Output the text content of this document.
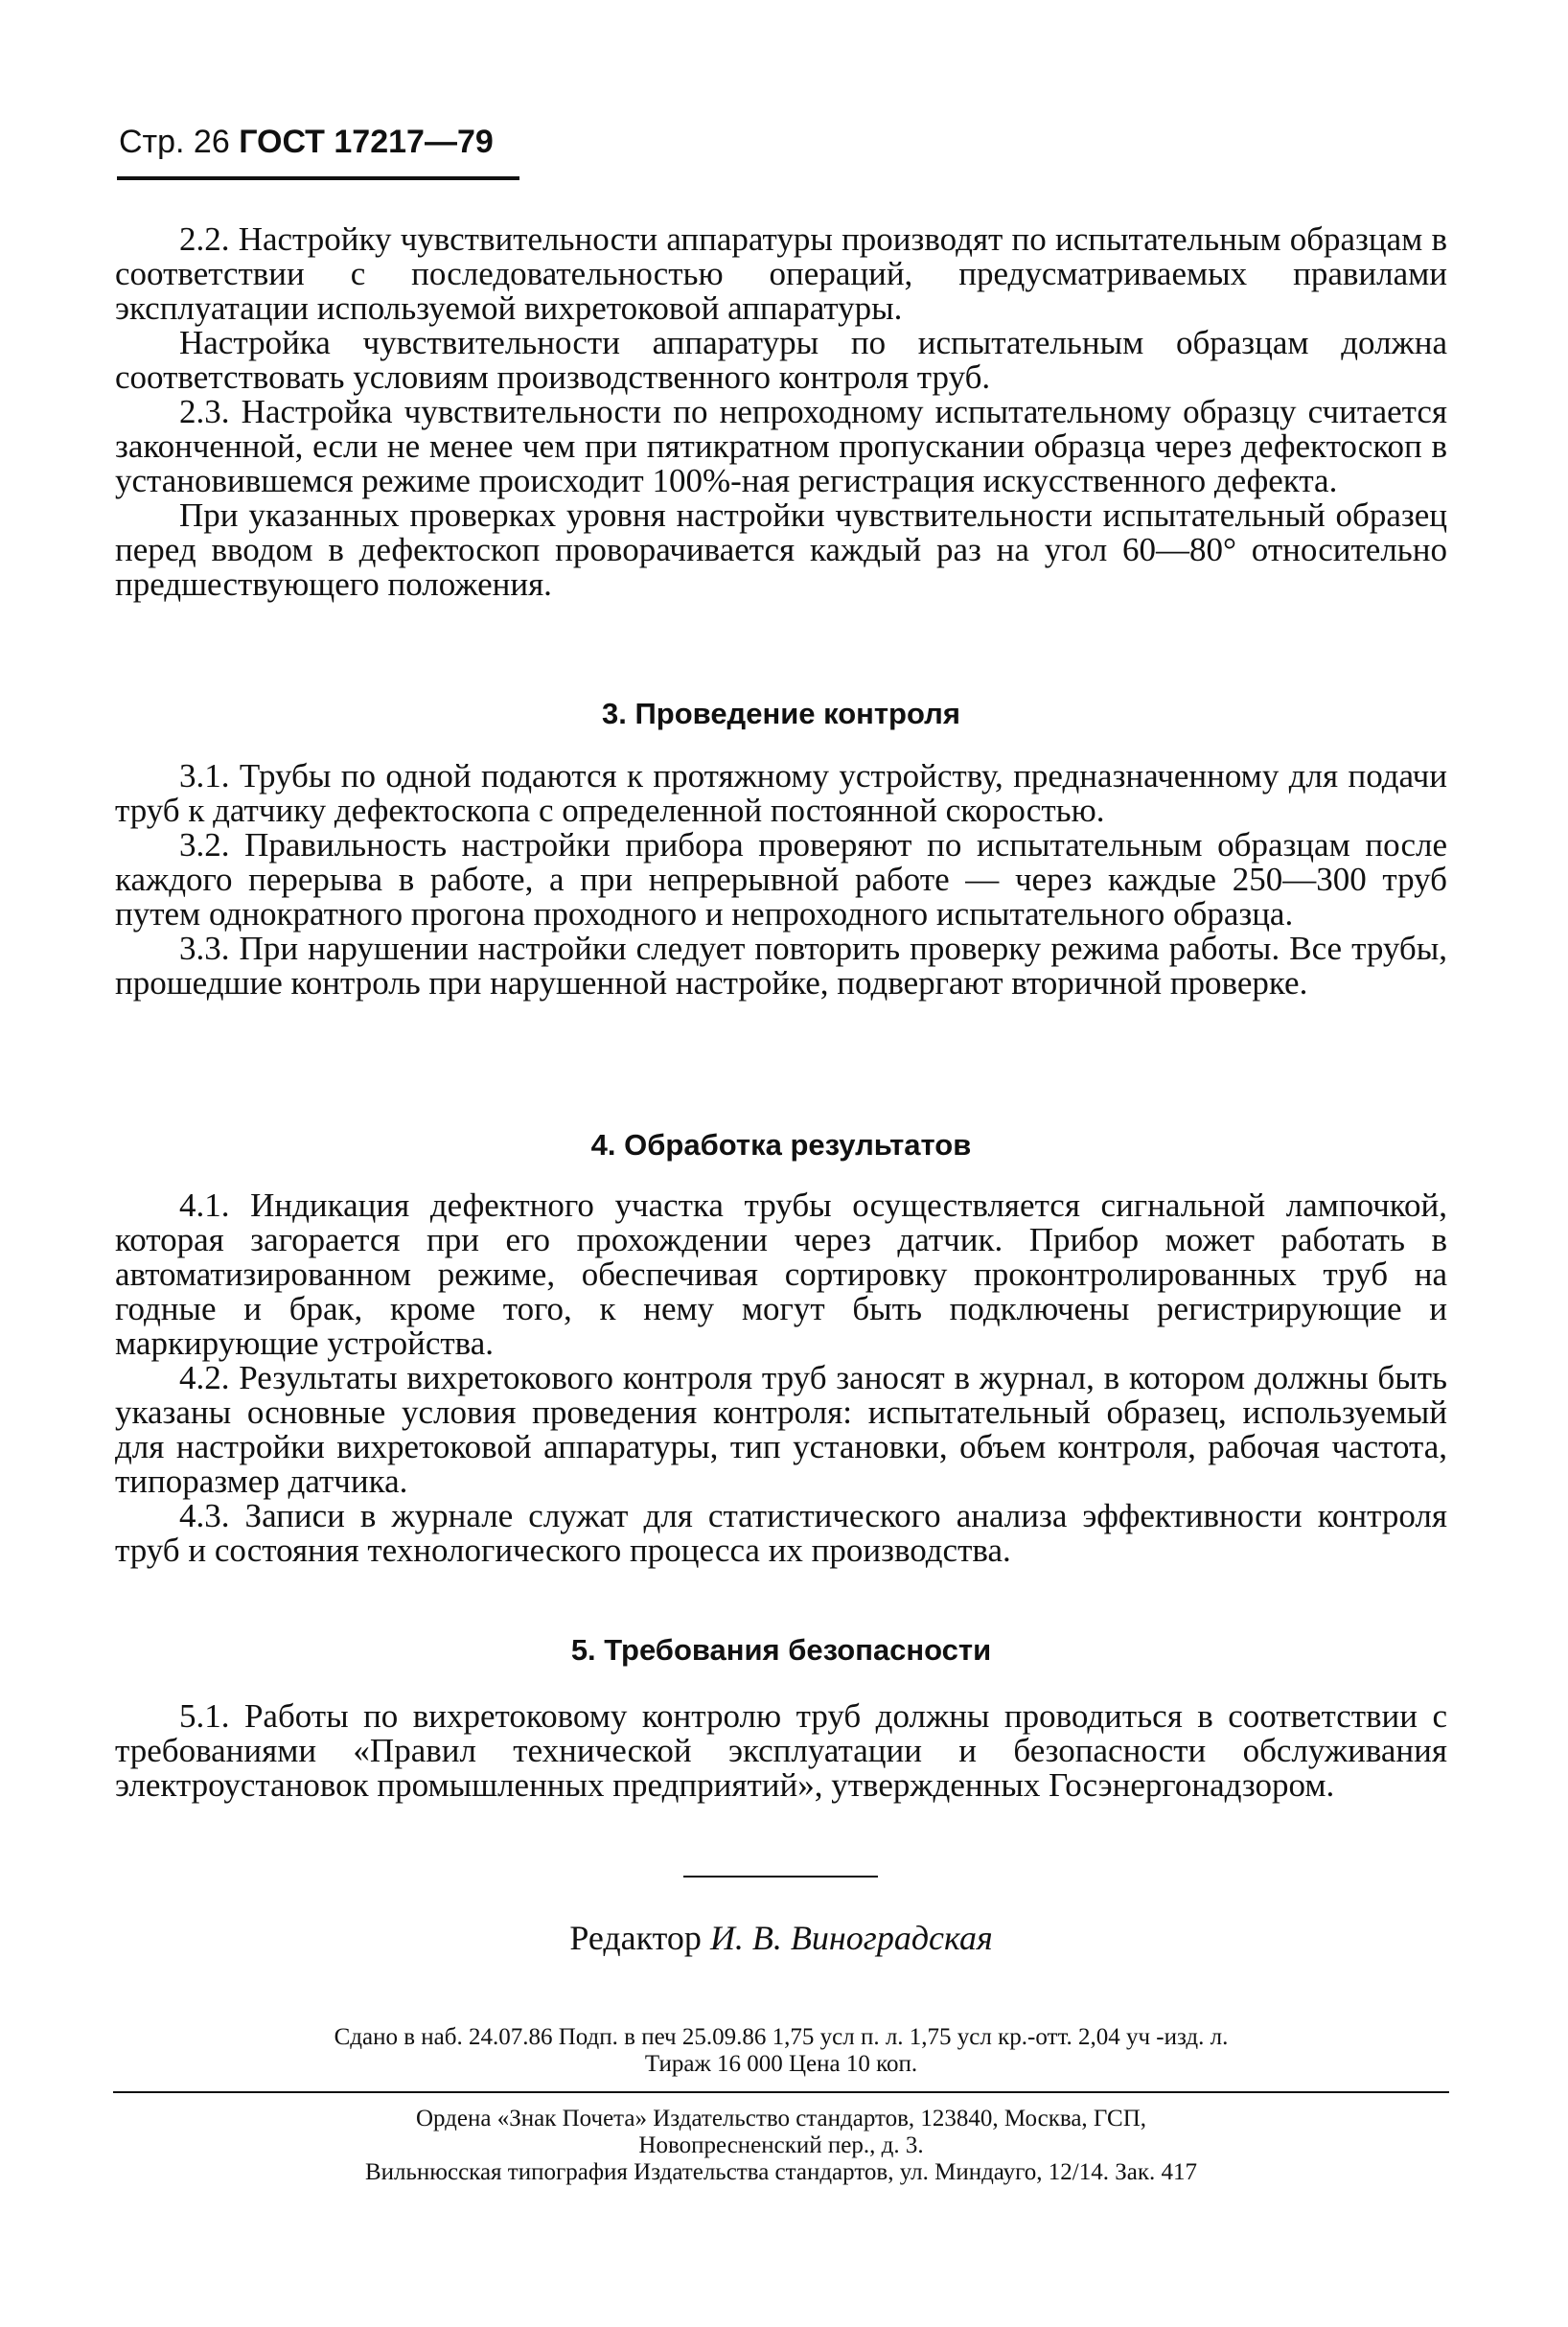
Стр. 26 ГОСТ 17217—79

2.2. Настройку чувствительности аппаратуры производят по испытательным образцам в соответствии с последовательностью операций, предусматриваемых правилами эксплуатации используемой вихретоковой аппаратуры.

Настройка чувствительности аппаратуры по испытательным образцам должна соответствовать условиям производственного контроля труб.

2.3. Настройка чувствительности по непроходному испытательному образцу считается законченной, если не менее чем при пятикратном пропускании образца через дефектоскоп в установившемся режиме происходит 100%-ная регистрация искусственного дефекта.

При указанных проверках уровня настройки чувствительности испытательный образец перед вводом в дефектоскоп проворачивается каждый раз на угол 60—80° относительно предшествующего положения.

3. Проведение контроля

3.1. Трубы по одной подаются к протяжному устройству, предназначенному для подачи труб к датчику дефектоскопа с определенной постоянной скоростью.

3.2. Правильность настройки прибора проверяют по испытательным образцам после каждого перерыва в работе, а при непрерывной работе — через каждые 250—300 труб путем однократного прогона проходного и непроходного испытательного образца.

3.3. При нарушении настройки следует повторить проверку режима работы. Все трубы, прошедшие контроль при нарушенной настройке, подвергают вторичной проверке.

4. Обработка результатов

4.1. Индикация дефектного участка трубы осуществляется сигнальной лампочкой, которая загорается при его прохождении через датчик. Прибор может работать в автоматизированном режиме, обеспечивая сортировку проконтролированных труб на годные и брак, кроме того, к нему могут быть подключены регистрирующие и маркирующие устройства.

4.2. Результаты вихретокового контроля труб заносят в журнал, в котором должны быть указаны основные условия проведения контроля: испытательный образец, используемый для настройки вихретоковой аппаратуры, тип установки, объем контроля, рабочая частота, типоразмер датчика.

4.3. Записи в журнале служат для статистического анализа эффективности контроля труб и состояния технологического процесса их производства.

5. Требования безопасности

5.1. Работы по вихретоковому контролю труб должны проводиться в соответствии с требованиями «Правил технической эксплуатации и безопасности обслуживания электроустановок промышленных предприятий», утвержденных Госэнергонадзором.

Редактор И. В. Виноградская
Сдано в наб. 24.07.86 Подп. в печ 25.09.86 1,75 усл п. л. 1,75 усл кр.-отт. 2,04 уч -изд. л.
Тираж 16 000 Цена 10 коп.
Ордена «Знак Почета» Издательство стандартов, 123840, Москва, ГСП,
Новопресненский пер., д. 3.
Вильнюсская типография Издательства стандартов, ул. Миндауго, 12/14. Зак. 417
